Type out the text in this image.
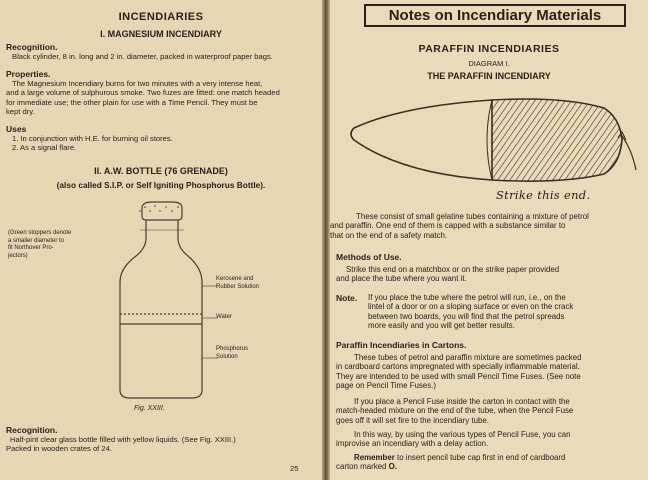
INCENDIARIES
I. MAGNESIUM INCENDIARY
Recognition.
Black cylinder, 8 in. long and 2 in. diameter, packed in waterproof paper bags.
Properties.
The Magnesium Incendiary burns for two minutes with a very intense heat,
and a large volume of sulphurous smoke. Two fuzes are fitted: one match headed
for immediate use; the other plain for use with a Time Pencil. They must be
kept dry.
Uses
1. In conjunction with H.E. for burning oil stores.
2. As a signal flare.
II. A.W. BOTTLE (76 GRENADE)
(also called S.I.P. or Self Igniting Phosphorus Bottle).
(Green stoppers denote
a smaller diameter to
fit Northover Pro-
jectors)
Kerosene and
Rubber Solution
Water
Phosphorus
Solution
Fig. XXIII.
Recognition.
Half-pint clear glass bottle filled with yellow liquids. (See Fig. XXIII.)
Packed in wooden crates of 24.
25
Notes on Incendiary Materials
PARAFFIN INCENDIARIES
DIAGRAM I.
THE PARAFFIN INCENDIARY
Strike this end.
These consist of small gelatine tubes containing a mixture of petrol
and paraffin. One end of them is capped with a substance similar to
that on the end of a safety match.
Methods of Use.
Strike this end on a matchbox or on the strike paper provided
and place the tube where you want it.
Note. If you place the tube where the petrol will run, i.e., on the
lintel of a door or on a sloping surface or even on the crack
between two boards, you will find that the petrol spreads
more easily and you will get better results.
Paraffin Incendiaries in Cartons.
These tubes of petrol and paraffin mixture are sometimes packed
in cardboard cartons impregnated with specially inflammable material.
They are intended to be used with small Pencil Time Fuses. (See note
page on Pencil Time Fuses.)
If you place a Pencil Fuse inside the carton in contact with the
match-headed mixture on the end of the tube, when the Pencil Fuse
goes off it will set fire to the incendiary tube.
In this way, by using the various types of Pencil Fuse, you can
improvise an incendiary with a delay action.
Remember to insert pencil tube cap first in end of cardboard
carton marked O.
